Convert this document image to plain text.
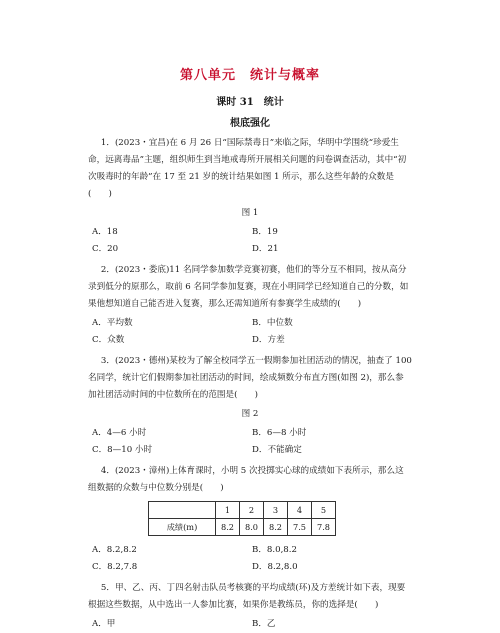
第八单元　统计与概率
课时 31　统计
根底强化

1．(2023・宜昌)在 6 月 26 日“国际禁毒日”来临之际，华明中学围绕“珍爱生命，远离毒品”主题，组织师生到当地戒毒所开展相关问题的问卷调查活动，其中“初次吸毒时的年龄”在 17 至 21 岁的统计结果如图 1 所示，那么这些年龄的众数是(　　)

图 1
A．18	B．19
C．20	D．21

2．(2023・娄底)11 名同学参加数学竞赛初赛，他们的等分互不相同，按从高分录到低分的原那么，取前 6 名同学参加复赛，现在小明同学已经知道自己的分数，如果他想知道自己能否进入复赛，那么还需知道所有参赛学生成绩的(　　)

A．平均数	B．中位数
C．众数	D．方差

3．(2023・德州)某校为了解全校同学五一假期参加社团活动的情况，抽查了 100 名同学，统计它们假期参加社团活动的时间，绘成频数分布直方图(如图 2)，那么参加社团活动时间的中位数所在的范围是(　　)

图 2
A．4—6 小时	B．6—8 小时
C．8—10 小时	D．不能确定

4．(2023・漳州)上体育课时，小明 5 次投掷实心球的成绩如下表所示，那么这组数据的众数与中位数分别是(　　)

	1	2	3	4	5
成绩(m)	8.2	8.0	8.2	7.5	7.8
A．8.2,8.2	B．8.0,8.2
C．8.2,7.8	D．8.2,8.0

5．甲、乙、丙、丁四名射击队员考核赛的平均成绩(环)及方差统计如下表，现要根据这些数据，从中选出一人参加比赛，如果你是教练员，你的选择是(　　)

A．甲	B．乙
